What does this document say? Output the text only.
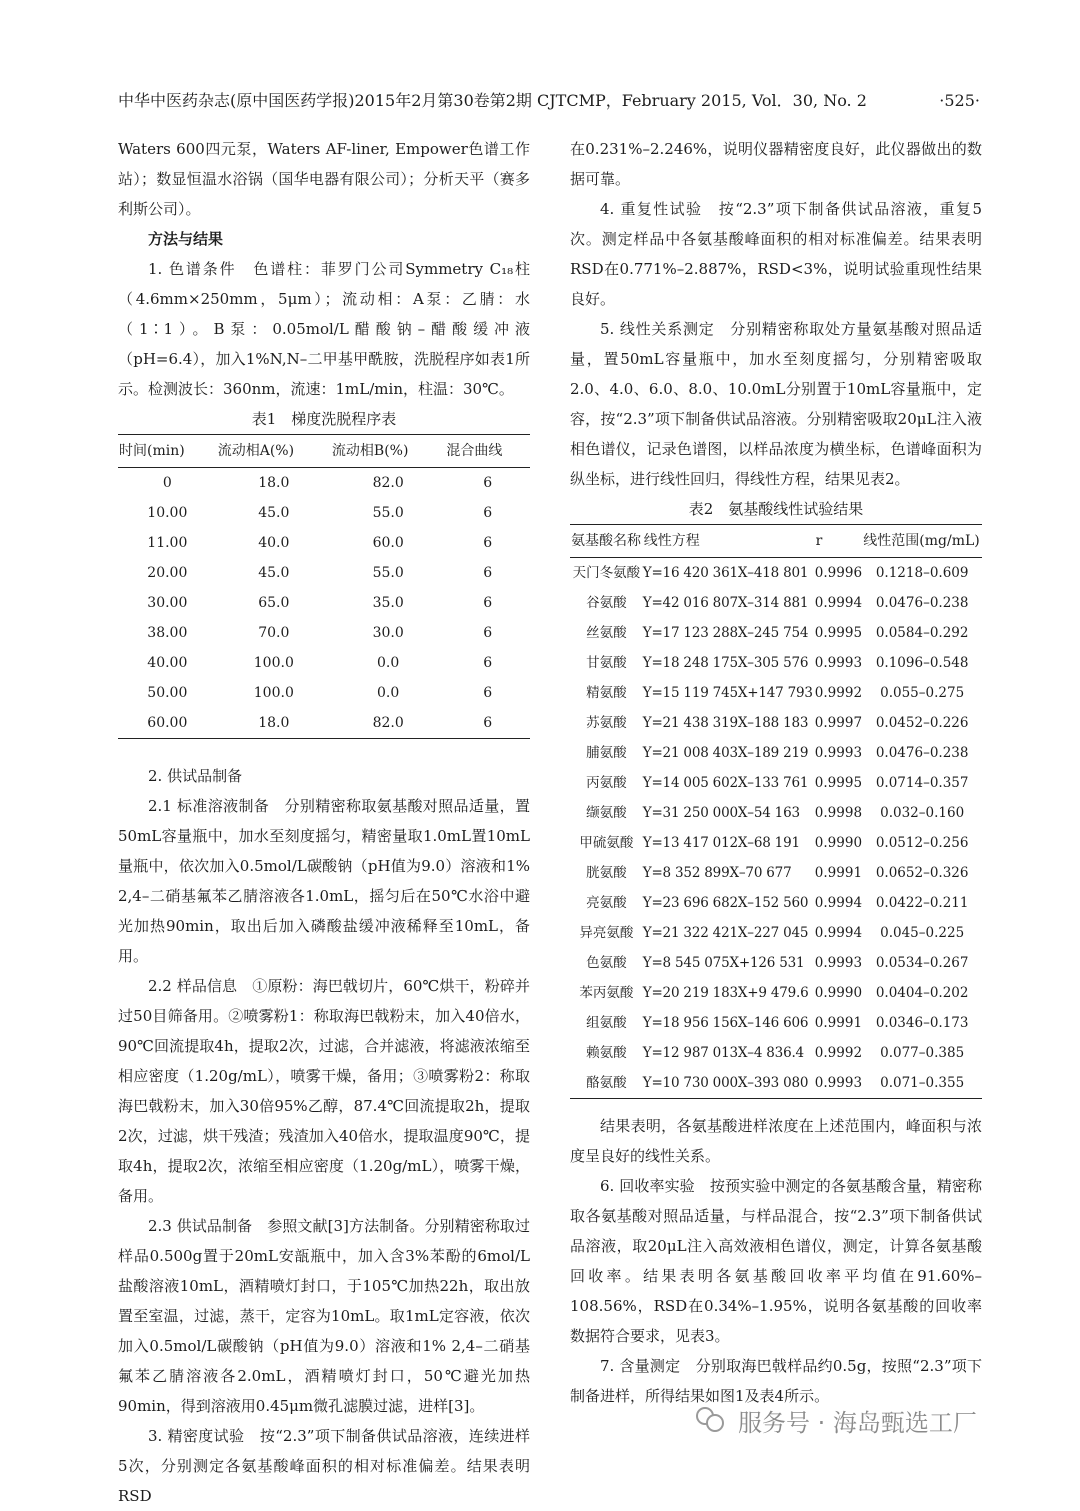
中华中医药杂志(原中国医药学报)2015年2月第30卷第2期 CJTCMP，February 2015, Vol．30, No. 2	·525·

Waters 600四元泵，Waters AF-liner, Empower色谱工作站）；数显恒温水浴锅（国华电器有限公司）；分析天平（赛多利斯公司）。

方法与结果

1. 色谱条件　色谱柱：菲罗门公司Symmetry C₁₈柱（4.6mm×250mm，5μm）；流动相：A泵：乙腈：水（1∶1）。B泵：0.05mol/L醋酸钠–醋酸缓冲液（pH=6.4），加入1%N,N–二甲基甲酰胺，洗脱程序如表1所示。检测波长：360nm，流速：1mL/min，柱温：30℃。

表1　梯度洗脱程序表

时间(min)	流动相A(%)	流动相B(%)	混合曲线
0	18.0	82.0	6
10.00	45.0	55.0	6
11.00	40.0	60.0	6
20.00	45.0	55.0	6
30.00	65.0	35.0	6
38.00	70.0	30.0	6
40.00	100.0	0.0	6
50.00	100.0	0.0	6
60.00	18.0	82.0	6

2. 供试品制备

2.1 标准溶液制备　分别精密称取氨基酸对照品适量，置50mL容量瓶中，加水至刻度摇匀，精密量取1.0mL置10mL量瓶中，依次加入0.5mol/L碳酸钠（pH值为9.0）溶液和1% 2,4–二硝基氟苯乙腈溶液各1.0mL，摇匀后在50℃水浴中避光加热90min，取出后加入磷酸盐缓冲液稀释至10mL，备用。

2.2 样品信息　①原粉：海巴戟切片，60℃烘干，粉碎并过50目筛备用。②喷雾粉1：称取海巴戟粉末，加入40倍水，90℃回流提取4h，提取2次，过滤，合并滤液，将滤液浓缩至相应密度（1.20g/mL），喷雾干燥，备用；③喷雾粉2：称取海巴戟粉末，加入30倍95%乙醇，87.4℃回流提取2h，提取2次，过滤，烘干残渣；残渣加入40倍水，提取温度90℃，提取4h，提取2次，浓缩至相应密度（1.20g/mL），喷雾干燥，备用。

2.3 供试品制备　参照文献[3]方法制备。分别精密称取过样品0.500g置于20mL安瓿瓶中，加入含3%苯酚的6mol/L盐酸溶液10mL，酒精喷灯封口，于105℃加热22h，取出放置至室温，过滤，蒸干，定容为10mL。取1mL定容液，依次加入0.5mol/L碳酸钠（pH值为9.0）溶液和1% 2,4–二硝基氟苯乙腈溶液各2.0mL，酒精喷灯封口，50℃避光加热90min，得到溶液用0.45μm微孔滤膜过滤，进样[3]。

3. 精密度试验　按“2.3”项下制备供试品溶液，连续进样5次，分别测定各氨基酸峰面积的相对标准偏差。结果表明RSD

在0.231%–2.246%，说明仪器精密度良好，此仪器做出的数据可靠。

4. 重复性试验　按“2.3”项下制备供试品溶液，重复5次。测定样品中各氨基酸峰面积的相对标准偏差。结果表明RSD在0.771%–2.887%，RSD<3%，说明试验重现性结果良好。

5. 线性关系测定　分别精密称取处方量氨基酸对照品适量，置50mL容量瓶中，加水至刻度摇匀，分别精密吸取2.0、4.0、6.0、8.0、10.0mL分别置于10mL容量瓶中，定容，按“2.3”项下制备供试品溶液。分别精密吸取20μL注入液相色谱仪，记录色谱图，以样品浓度为横坐标，色谱峰面积为纵坐标，进行线性回归，得线性方程，结果见表2。

表2　氨基酸线性试验结果

氨基酸名称	线性方程	r	线性范围(mg/mL)
天门冬氨酸	Y=16 420 361X–418 801	0.9996	0.1218–0.609
谷氨酸	Y=42 016 807X–314 881	0.9994	0.0476–0.238
丝氨酸	Y=17 123 288X–245 754	0.9995	0.0584–0.292
甘氨酸	Y=18 248 175X–305 576	0.9993	0.1096–0.548
精氨酸	Y=15 119 745X+147 793	0.9992	0.055–0.275
苏氨酸	Y=21 438 319X–188 183	0.9997	0.0452–0.226
脯氨酸	Y=21 008 403X–189 219	0.9993	0.0476–0.238
丙氨酸	Y=14 005 602X–133 761	0.9995	0.0714–0.357
缬氨酸	Y=31 250 000X–54 163	0.9998	0.032–0.160
甲硫氨酸	Y=13 417 012X–68 191	0.9990	0.0512–0.256
胱氨酸	Y=8 352 899X–70 677	0.9991	0.0652–0.326
亮氨酸	Y=23 696 682X–152 560	0.9994	0.0422–0.211
异亮氨酸	Y=21 322 421X–227 045	0.9994	0.045–0.225
色氨酸	Y=8 545 075X+126 531	0.9993	0.0534–0.267
苯丙氨酸	Y=20 219 183X+9 479.6	0.9990	0.0404–0.202
组氨酸	Y=18 956 156X–146 606	0.9991	0.0346–0.173
赖氨酸	Y=12 987 013X–4 836.4	0.9992	0.077–0.385
酪氨酸	Y=10 730 000X–393 080	0.9993	0.071–0.355

结果表明，各氨基酸进样浓度在上述范围内，峰面积与浓度呈良好的线性关系。

6. 回收率实验　按预实验中测定的各氨基酸含量，精密称取各氨基酸对照品适量，与样品混合，按“2.3”项下制备供试品溶液，取20μL注入高效液相色谱仪，测定，计算各氨基酸回收率。结果表明各氨基酸回收率平均值在91.60%–108.56%，RSD在0.34%–1.95%，说明各氨基酸的回收率数据符合要求，见表3。

7. 含量测定　分别取海巴戟样品约0.5g，按照“2.3”项下制备进样，所得结果如图1及表4所示。

服务号 · 海岛甄选工厂
